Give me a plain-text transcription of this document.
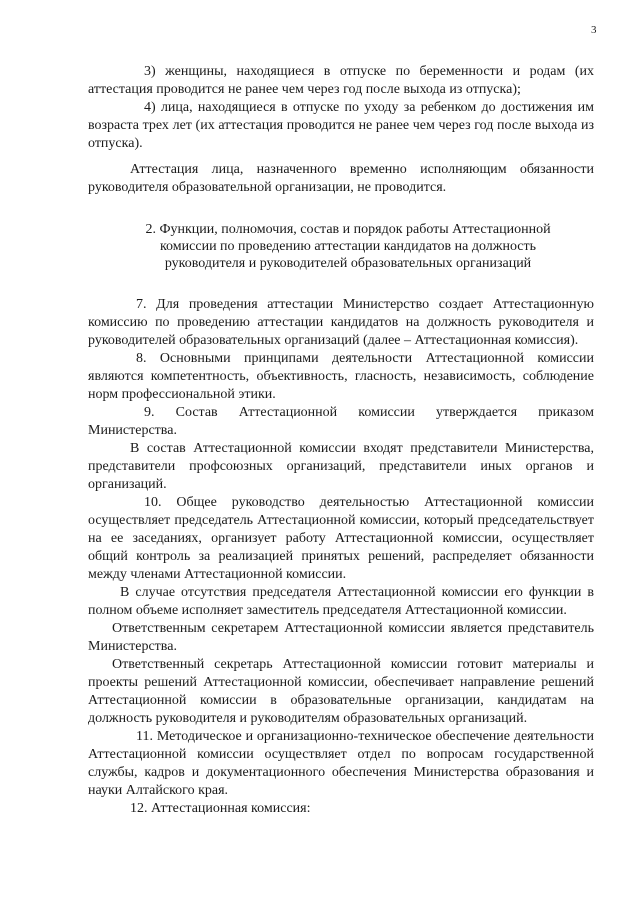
3

3) женщины, находящиеся в отпуске по беременности и родам (их аттестация проводится не ранее чем через год после выхода из отпуска);

4) лица, находящиеся в отпуске по уходу за ребенком до достижения им возраста трех лет (их аттестация проводится не ранее чем через год после выхода из отпуска).

Аттестация лица, назначенного временно исполняющим обязанности руководителя образовательной организации, не проводится.

2. Функции, полномочия, состав и порядок работы Аттестационной комиссии по проведению аттестации кандидатов на должность руководителя и руководителей образовательных организаций

7. Для проведения аттестации Министерство создает Аттестационную комиссию по проведению аттестации кандидатов на должность руководителя и руководителей образовательных организаций (далее – Аттестационная комиссия).

8. Основными принципами деятельности Аттестационной комиссии являются компетентность, объективность, гласность, независимость, соблюдение норм профессиональной этики.

9. Состав Аттестационной комиссии утверждается приказом Министерства.

В состав Аттестационной комиссии входят представители Министерства, представители профсоюзных организаций, представители иных органов и организаций.

10. Общее руководство деятельностью Аттестационной комиссии осуществляет председатель Аттестационной комиссии, который председательствует на ее заседаниях, организует работу Аттестационной комиссии, осуществляет общий контроль за реализацией принятых решений, распределяет обязанности между членами Аттестационной комиссии.

В случае отсутствия председателя Аттестационной комиссии его функции в полном объеме исполняет заместитель председателя Аттестационной комиссии.

Ответственным секретарем Аттестационной комиссии является представитель Министерства.

Ответственный секретарь Аттестационной комиссии готовит материалы и проекты решений Аттестационной комиссии, обеспечивает направление решений Аттестационной комиссии в образовательные организации, кандидатам на должность руководителя и руководителям образовательных организаций.

11. Методическое и организационно-техническое обеспечение деятельности Аттестационной комиссии осуществляет отдел по вопросам государственной службы, кадров и документационного обеспечения Министерства образования и науки Алтайского края.

12. Аттестационная комиссия:
